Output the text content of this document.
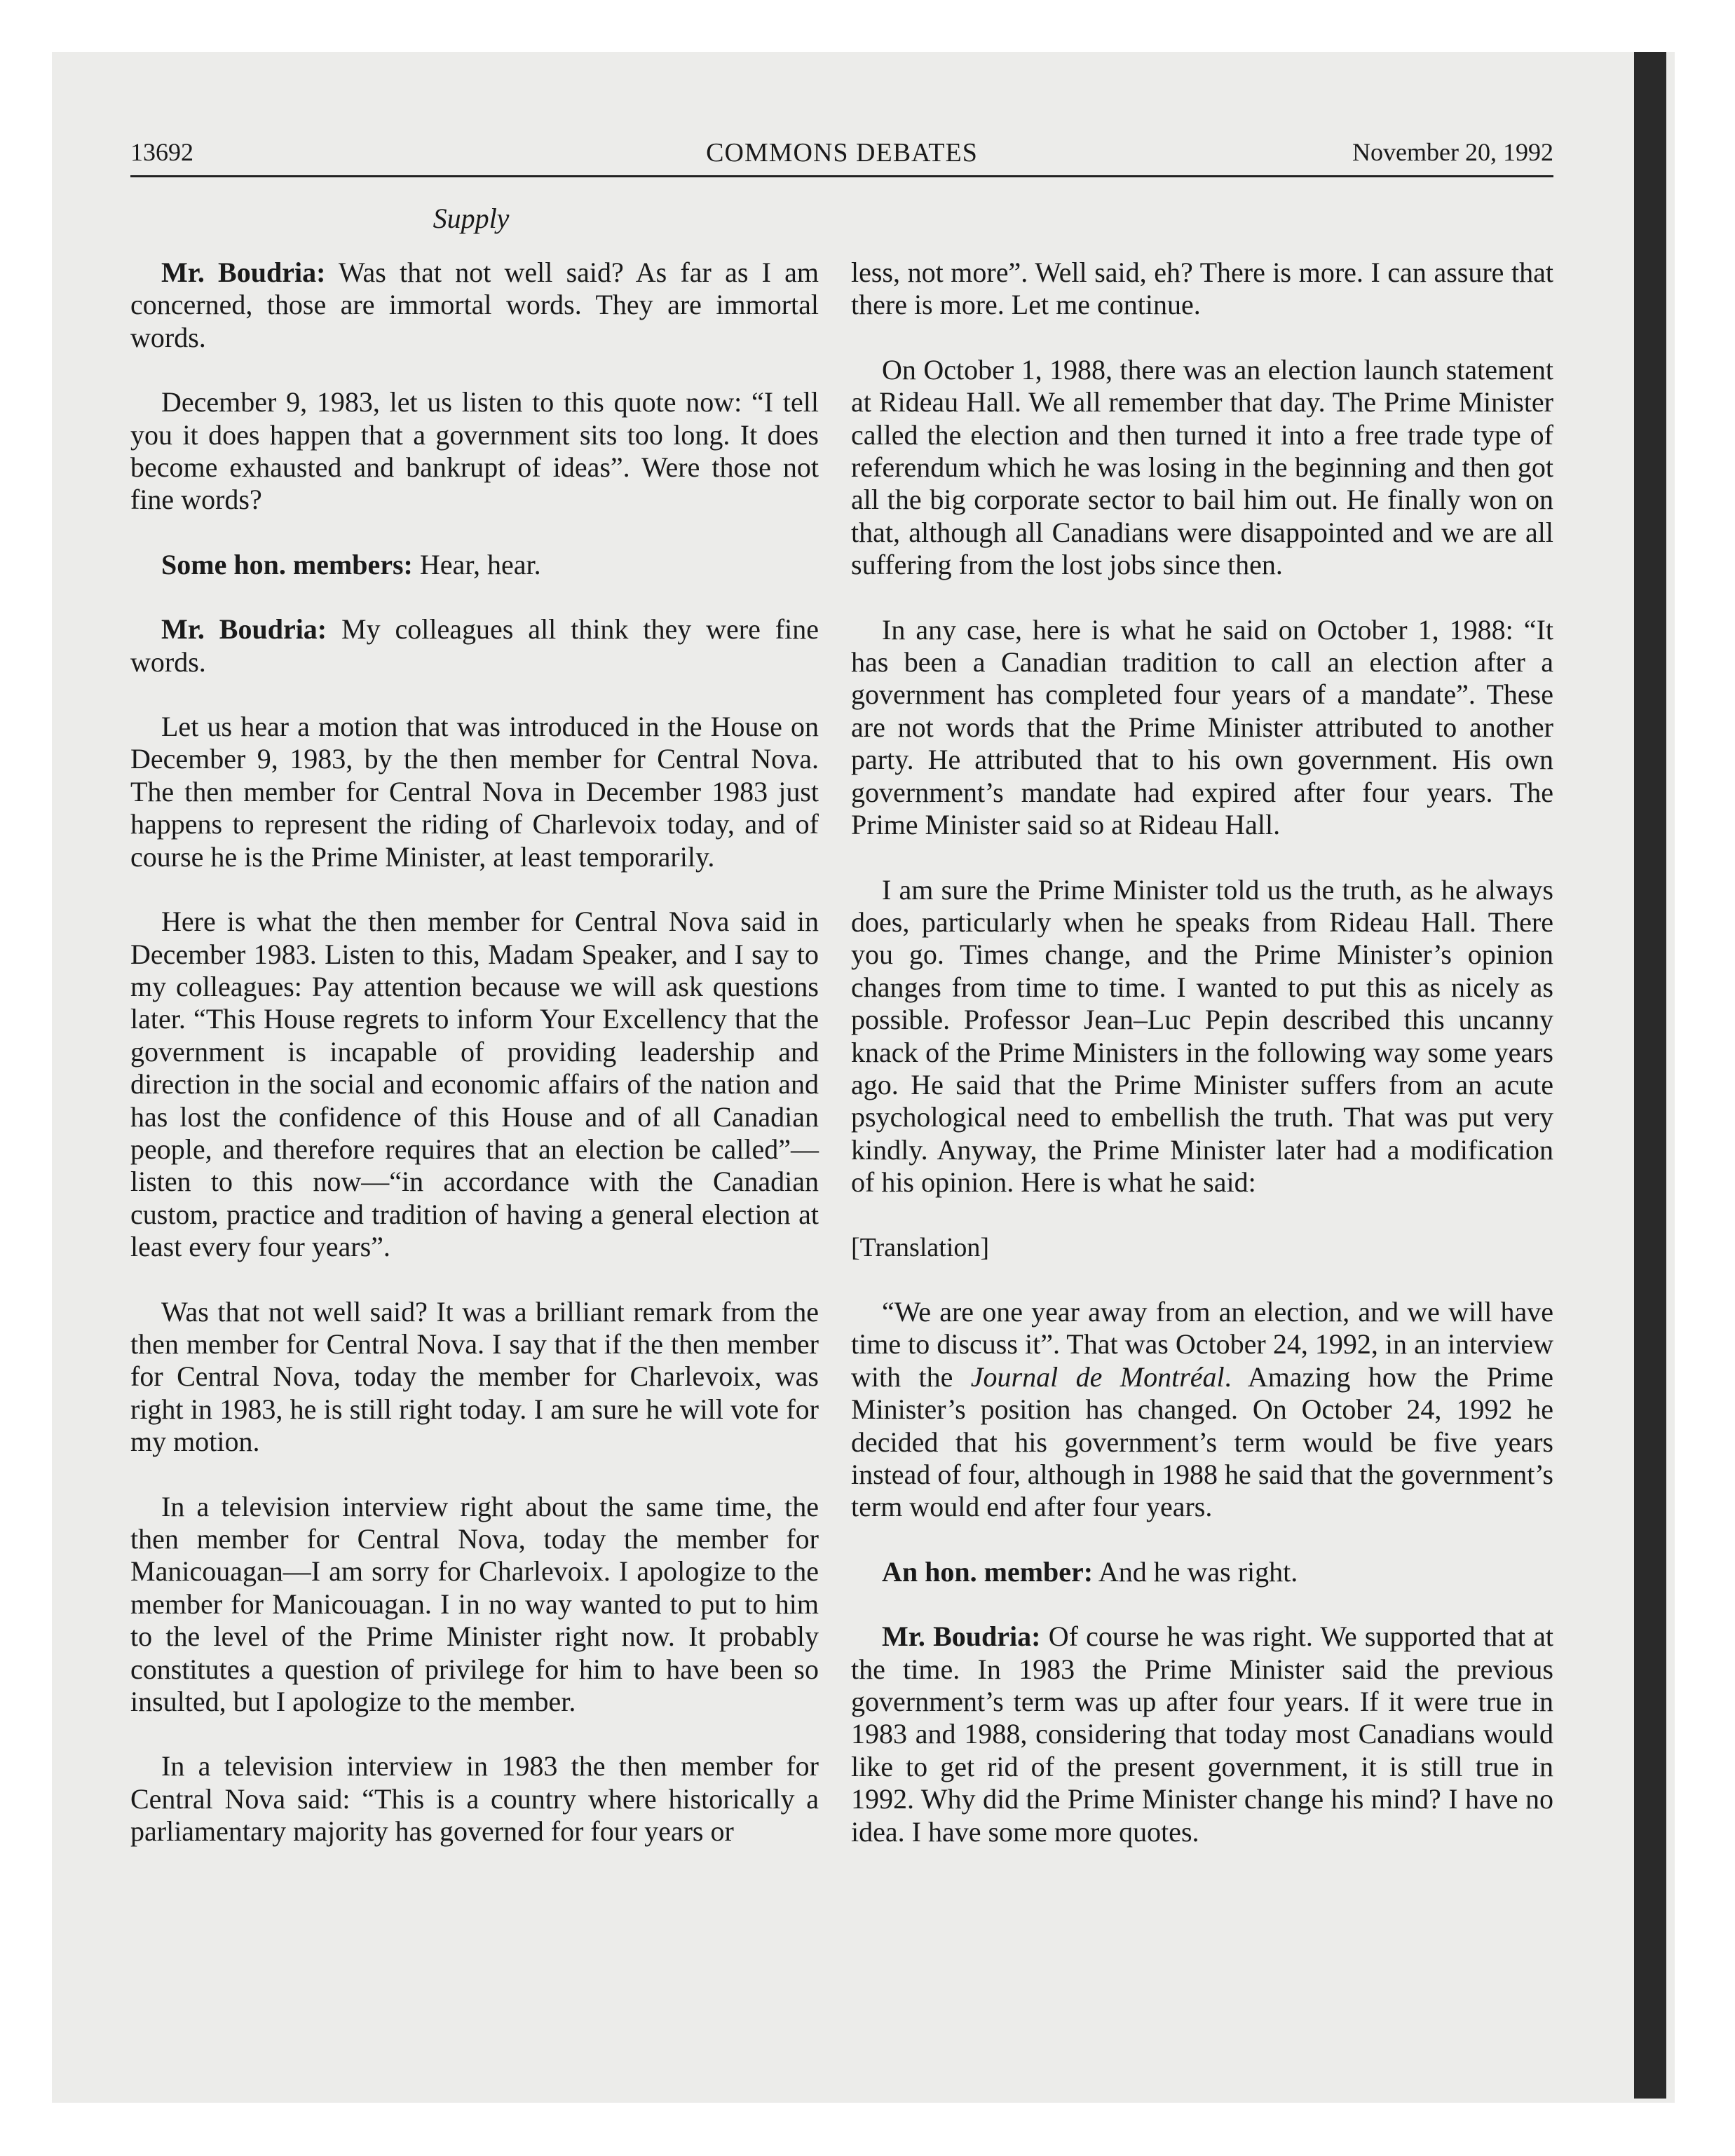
13692	COMMONS DEBATES	November 20, 1992
Supply

Mr. Boudria: Was that not well said? As far as I am concerned, those are immortal words. They are immortal words.

December 9, 1983, let us listen to this quote now: “I tell you it does happen that a government sits too long. It does become exhausted and bankrupt of ideas”. Were those not fine words?

Some hon. members: Hear, hear.

Mr. Boudria: My colleagues all think they were fine words.

Let us hear a motion that was introduced in the House on December 9, 1983, by the then member for Central Nova. The then member for Central Nova in December 1983 just happens to represent the riding of Charlevoix today, and of course he is the Prime Minister, at least temporarily.

Here is what the then member for Central Nova said in December 1983. Listen to this, Madam Speaker, and I say to my colleagues: Pay attention because we will ask questions later. “This House regrets to inform Your Excellency that the government is incapable of providing leadership and direction in the social and economic affairs of the nation and has lost the confidence of this House and of all Canadian people, and therefore requires that an election be called”—listen to this now—“in accordance with the Canadian custom, practice and tradition of having a general election at least every four years”.

Was that not well said? It was a brilliant remark from the then member for Central Nova. I say that if the then member for Central Nova, today the member for Charlevoix, was right in 1983, he is still right today. I am sure he will vote for my motion.

In a television interview right about the same time, the then member for Central Nova, today the member for Manicouagan—I am sorry for Charlevoix. I apologize to the member for Manicouagan. I in no way wanted to put to him to the level of the Prime Minister right now. It probably constitutes a question of privilege for him to have been so insulted, but I apologize to the member.

In a television interview in 1983 the then member for Central Nova said: “This is a country where historically a parliamentary majority has governed for four years or

less, not more”. Well said, eh? There is more. I can assure that there is more. Let me continue.

On October 1, 1988, there was an election launch statement at Rideau Hall. We all remember that day. The Prime Minister called the election and then turned it into a free trade type of referendum which he was losing in the beginning and then got all the big corporate sector to bail him out. He finally won on that, although all Canadians were disappointed and we are all suffering from the lost jobs since then.

In any case, here is what he said on October 1, 1988: “It has been a Canadian tradition to call an election after a government has completed four years of a mandate”. These are not words that the Prime Minister attributed to another party. He attributed that to his own government. His own government’s mandate had expired after four years. The Prime Minister said so at Rideau Hall.

I am sure the Prime Minister told us the truth, as he always does, particularly when he speaks from Rideau Hall. There you go. Times change, and the Prime Minister’s opinion changes from time to time. I wanted to put this as nicely as possible. Professor Jean–Luc Pepin described this uncanny knack of the Prime Ministers in the following way some years ago. He said that the Prime Minister suffers from an acute psychological need to embellish the truth. That was put very kindly. Anyway, the Prime Minister later had a modification of his opinion. Here is what he said:

[Translation]

“We are one year away from an election, and we will have time to discuss it”. That was October 24, 1992, in an interview with the Journal de Montréal. Amazing how the Prime Minister’s position has changed. On October 24, 1992 he decided that his government’s term would be five years instead of four, although in 1988 he said that the government’s term would end after four years.

An hon. member: And he was right.

Mr. Boudria: Of course he was right. We supported that at the time. In 1983 the Prime Minister said the previous government’s term was up after four years. If it were true in 1983 and 1988, considering that today most Canadians would like to get rid of the present government, it is still true in 1992. Why did the Prime Minister change his mind? I have no idea. I have some more quotes.
